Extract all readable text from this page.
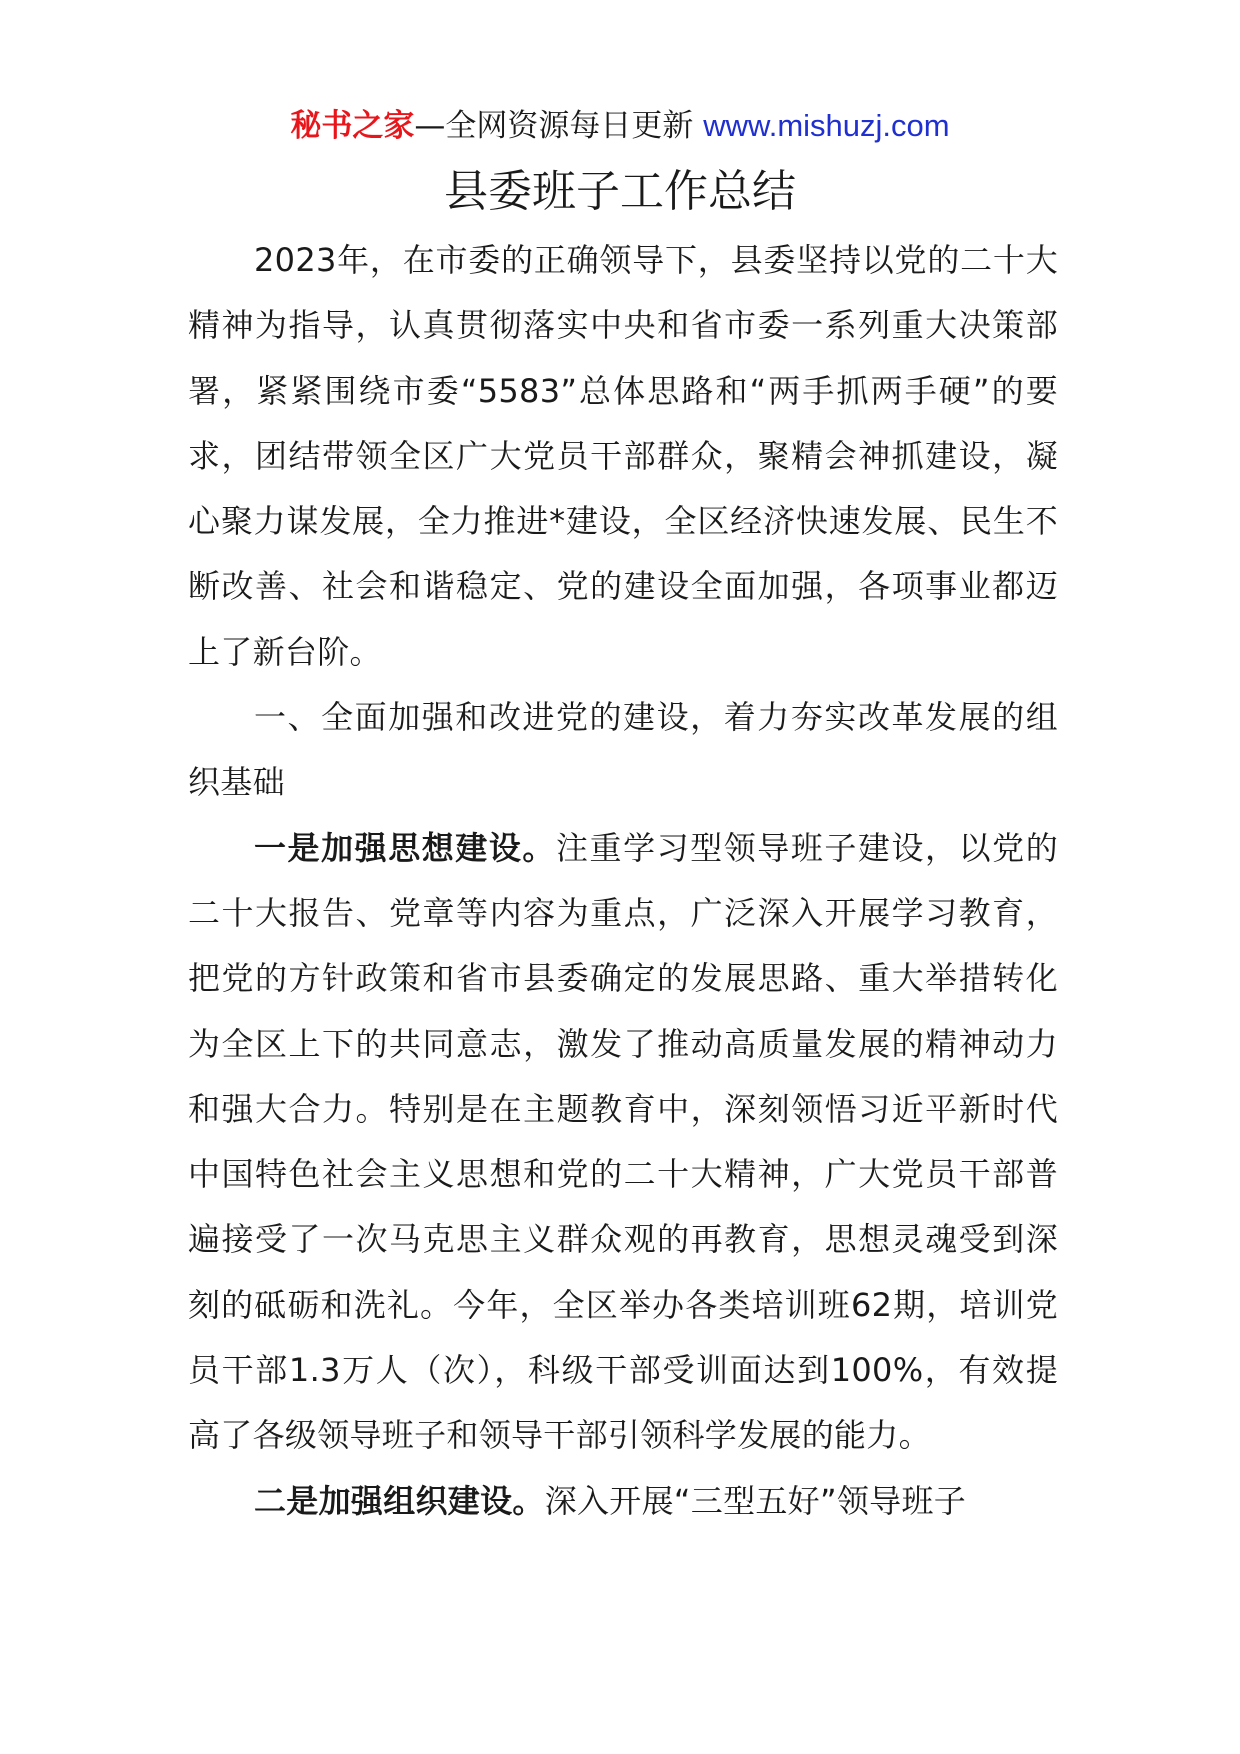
秘书之家—全网资源每日更新 www.mishuzj.com
县委班子工作总结

2023年，在市委的正确领导下，县委坚持以党的二十大精神为指导，认真贯彻落实中央和省市委一系列重大决策部署，紧紧围绕市委“5583”总体思路和“两手抓两手硬”的要求，团结带领全区广大党员干部群众，聚精会神抓建设，凝心聚力谋发展，全力推进*建设，全区经济快速发展、民生不断改善、社会和谐稳定、党的建设全面加强，各项事业都迈上了新台阶。

一、全面加强和改进党的建设，着力夯实改革发展的组织基础

一是加强思想建设。注重学习型领导班子建设，以党的二十大报告、党章等内容为重点，广泛深入开展学习教育，把党的方针政策和省市县委确定的发展思路、重大举措转化为全区上下的共同意志，激发了推动高质量发展的精神动力和强大合力。特别是在主题教育中，深刻领悟习近平新时代中国特色社会主义思想和党的二十大精神，广大党员干部普遍接受了一次马克思主义群众观的再教育，思想灵魂受到深刻的砥砺和洗礼。今年，全区举办各类培训班62期，培训党员干部1.3万人（次），科级干部受训面达到100%，有效提高了各级领导班子和领导干部引领科学发展的能力。

二是加强组织建设。深入开展“三型五好”领导班子
